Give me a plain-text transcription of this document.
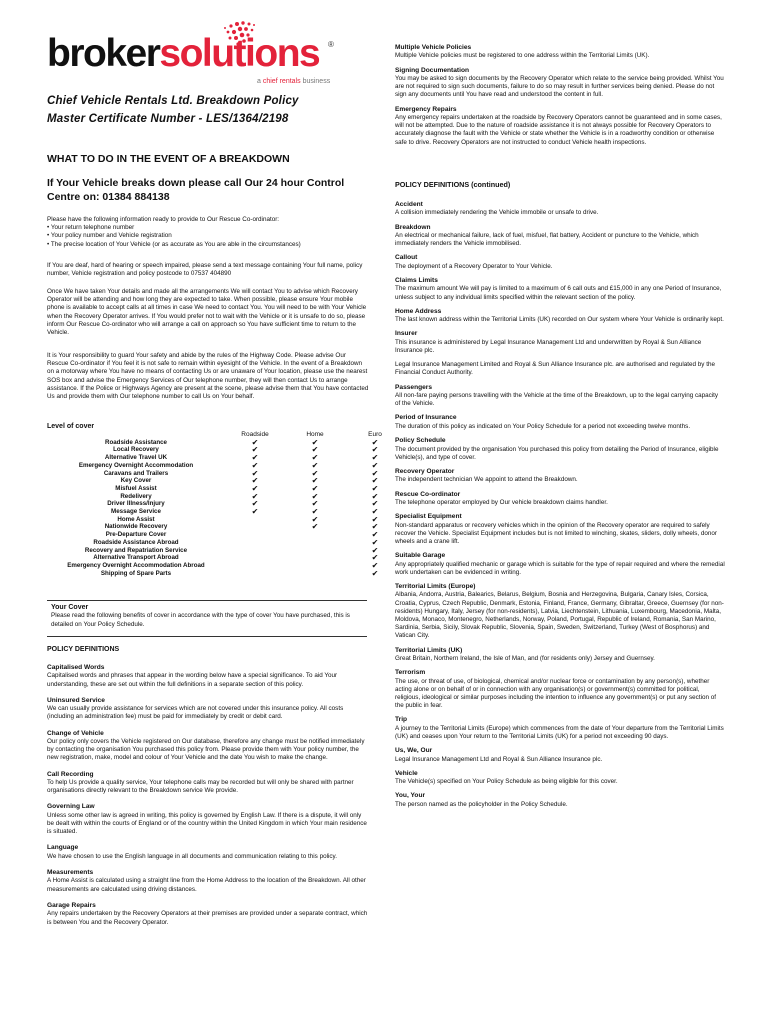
brokersolutions ®
a chief rentals business

Chief Vehicle Rentals Ltd. Breakdown Policy

Master Certificate Number - LES/1364/2198

WHAT TO DO IN THE EVENT OF A BREAKDOWN

If Your Vehicle breaks down please call Our 24 hour Control

Centre on: 01384 884138

Please have the following information ready to provide to Our Rescue Co-ordinator:

• Your return telephone number
• Your policy number and Vehicle registration
• The precise location of Your Vehicle (or as accurate as You are able in the circumstances)

If You are deaf, hard of hearing or speech impaired, please send a text message containing Your full name, policy number, Vehicle registration and policy postcode to 07537 404890

Once We have taken Your details and made all the arrangements We will contact You to advise which Recovery Operator will be attending and how long they are expected to take. When possible, please ensure Your mobile phone is available to accept calls at all times in case We need to contact You. You will need to be with Your Vehicle when the Recovery Operator arrives. If You would prefer not to wait with the Vehicle or it is unsafe to do so, please inform Our Rescue Co-ordinator who will arrange a call on approach so You have sufficient time to return to the Vehicle.

It is Your responsibility to guard Your safety and abide by the rules of the Highway Code. Please advise Our Rescue Co-ordinator if You feel it is not safe to remain within eyesight of the Vehicle. In the event of a Breakdown on a motorway where You have no means of contacting Us or are unaware of Your location, please use the nearest SOS box and advise the Emergency Services of Our telephone number, they will then contact Us to arrange assistance. If the Police or Highways Agency are present at the scene, please advise them that You have contacted Us and provide them with Our telephone number to call Us on Your behalf.

Level of cover

	Roadside	Home	Euro
Roadside Assistance	✔	✔	✔
Local Recovery	✔	✔	✔
Alternative Travel UK	✔	✔	✔
Emergency Overnight Accommodation	✔	✔	✔
Caravans and Trailers	✔	✔	✔
Key Cover	✔	✔	✔
Misfuel Assist	✔	✔	✔
Redelivery	✔	✔	✔
Driver Illness/Injury	✔	✔	✔
Message Service	✔	✔	✔
Home Assist		✔	✔
Nationwide Recovery		✔	✔
Pre-Departure Cover			✔
Roadside Assistance Abroad			✔
Recovery and Repatriation Service			✔
Alternative Transport Abroad			✔
Emergency Overnight Accommodation Abroad			✔
Shipping of Spare Parts			✔

Your Cover

Please read the following benefits of cover in accordance with the type of cover You have purchased, this is detailed on Your Policy Schedule.

POLICY DEFINITIONS

Capitalised Words

Capitalised words and phrases that appear in the wording below have a special significance. To aid Your understanding, these are set out within the full definitions in a separate section of this policy.

Uninsured Service

We can usually provide assistance for services which are not covered under this insurance policy. All costs (including an administration fee) must be paid for immediately by credit or debit card.

Change of Vehicle

Our policy only covers the Vehicle registered on Our database, therefore any change must be notified immediately by contacting the organisation You purchased this policy from. Please provide them with Your policy number, the new registration, make, model and colour of Your Vehicle and the date You wish to make the change.

Call Recording

To help Us provide a quality service, Your telephone calls may be recorded but will only be shared with partner organisations directly relevant to the Breakdown service We provide.

Governing Law

Unless some other law is agreed in writing, this policy is governed by English Law. If there is a dispute, it will only be dealt with within the courts of England or of the country within the United Kingdom in which Your main residence is situated.

Language

We have chosen to use the English language in all documents and communication relating to this policy.

Measurements

A Home Assist is calculated using a straight line from the Home Address to the location of the Breakdown. All other measurements are calculated using driving distances.

Garage Repairs

Any repairs undertaken by the Recovery Operators at their premises are provided under a separate contract, which is between You and the Recovery Operator.

Multiple Vehicle Policies

Multiple Vehicle policies must be registered to one address within the Territorial Limits (UK).

Signing Documentation

You may be asked to sign documents by the Recovery Operator which relate to the service being provided. Whilst You are not required to sign such documents, failure to do so may result in further services being denied. Please do not sign any documents until You have read and understood the content in full.

Emergency Repairs

Any emergency repairs undertaken at the roadside by Recovery Operators cannot be guaranteed and in some cases, will not be attempted. Due to the nature of roadside assistance it is not always possible for Recovery Operators to accurately diagnose the fault with the Vehicle or state whether the Vehicle is in a roadworthy condition or otherwise safe to drive. Recovery Operators are not instructed to conduct Vehicle health inspections.

POLICY DEFINITIONS (continued)

Accident

A collision immediately rendering the Vehicle immobile or unsafe to drive.

Breakdown

An electrical or mechanical failure, lack of fuel, misfuel, flat battery, Accident or puncture to the Vehicle, which immediately renders the Vehicle immobilised.

Callout

The deployment of a Recovery Operator to Your Vehicle.

Claims Limits

The maximum amount We will pay is limited to a maximum of 6 call outs and £15,000 in any one Period of Insurance, unless subject to any individual limits specified within the relevant section of the policy.

Home Address

The last known address within the Territorial Limits (UK) recorded on Our system where Your Vehicle is ordinarily kept.

Insurer

This insurance is administered by Legal Insurance Management Ltd and underwritten by Royal & Sun Alliance Insurance plc.

Legal Insurance Management Limited and Royal & Sun Alliance Insurance plc. are authorised and regulated by the Financial Conduct Authority.

Passengers

All non-fare paying persons travelling with the Vehicle at the time of the Breakdown, up to the legal carrying capacity of the Vehicle.

Period of Insurance

The duration of this policy as indicated on Your Policy Schedule for a period not exceeding twelve months.

Policy Schedule

The document provided by the organisation You purchased this policy from detailing the Period of Insurance, eligible Vehicle(s), and type of cover.

Recovery Operator

The independent technician We appoint to attend the Breakdown.

Rescue Co-ordinator

The telephone operator employed by Our vehicle breakdown claims handler.

Specialist Equipment

Non-standard apparatus or recovery vehicles which in the opinion of the Recovery operator are required to safely recover the Vehicle. Specialist Equipment includes but is not limited to winching, skates, sliders, dolly wheels, donor wheels and a crane lift.

Suitable Garage

Any appropriately qualified mechanic or garage which is suitable for the type of repair required and where the remedial work undertaken can be evidenced in writing.

Territorial Limits (Europe)

Albania, Andorra, Austria, Balearics, Belarus, Belgium, Bosnia and Herzegovina, Bulgaria, Canary Isles, Corsica, Croatia, Cyprus, Czech Republic, Denmark, Estonia, Finland, France, Germany, Gibraltar, Greece, Guernsey (for non-residents) Hungary, Italy, Jersey (for non-residents), Latvia, Liechtenstein, Lithuania, Luxembourg, Macedonia, Malta, Moldova, Monaco, Montenegro, Netherlands, Norway, Poland, Portugal, Republic of Ireland, Romania, San Marino, Sardinia, Serbia, Sicily, Slovak Republic, Slovenia, Spain, Sweden, Switzerland, Turkey (West of Bosphorus) and Vatican City.

Territorial Limits (UK)

Great Britain, Northern Ireland, the Isle of Man, and (for residents only) Jersey and Guernsey.

Terrorism

The use, or threat of use, of biological, chemical and/or nuclear force or contamination by any person(s), whether acting alone or on behalf of or in connection with any organisation(s) or government(s) committed for political, religious, ideological or similar purposes including the intention to influence any government(s) or put any section of the public in fear.

Trip

A journey to the Territorial Limits (Europe) which commences from the date of Your departure from the Territorial Limits (UK) and ceases upon Your return to the Territorial Limits (UK) for a period not exceeding 90 days.

Us, We, Our

Legal Insurance Management Ltd and Royal & Sun Alliance Insurance plc.

Vehicle

The Vehicle(s) specified on Your Policy Schedule as being eligible for this cover.

You, Your

The person named as the policyholder in the Policy Schedule.
